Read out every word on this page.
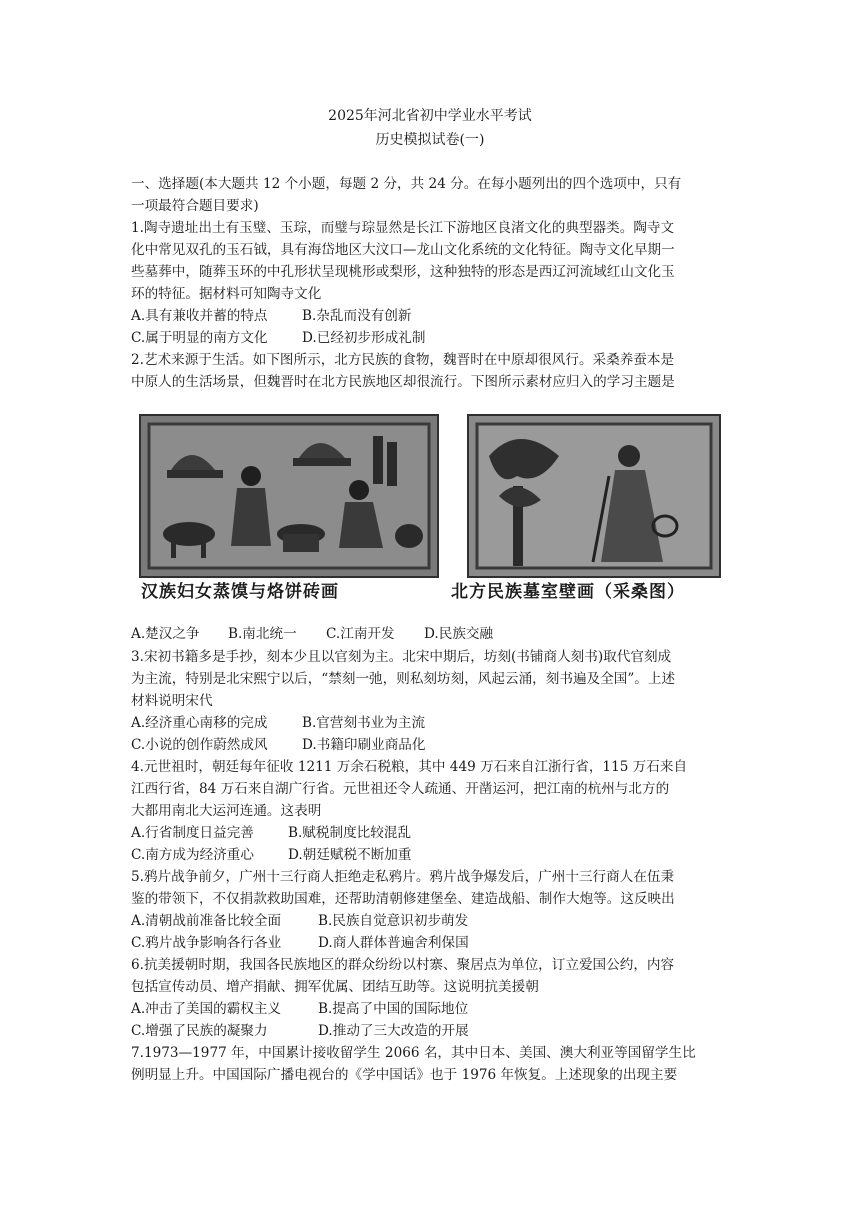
2025年河北省初中学业水平考试
历史模拟试卷(一)
一、选择题(本大题共 12 个小题，每题 2 分，共 24 分。在每小题列出的四个选项中，只有
一项最符合题目要求)
1.陶寺遗址出土有玉璧、玉琮，而璧与琮显然是长江下游地区良渚文化的典型器类。陶寺文
化中常见双孔的玉石钺，具有海岱地区大汶口—龙山文化系统的文化特征。陶寺文化早期一
些墓葬中，随葬玉环的中孔形状呈现桃形或梨形，这种独特的形态是西辽河流域红山文化玉
环的特征。据材料可知陶寺文化
A.具有兼收并蓄的特点	B.杂乱而没有创新
C.属于明显的南方文化	D.已经初步形成礼制
2.艺术来源于生活。如下图所示，北方民族的食物，魏晋时在中原却很风行。采桑养蚕本是
中原人的生活场景，但魏晋时在北方民族地区却很流行。下图所示素材应归入的学习主题是
汉族妇女蒸馍与烙饼砖画	北方民族墓室壁画（采桑图）
A.楚汉之争 B.南北统一 C.江南开发 D.民族交融
3.宋初书籍多是手抄，刻本少且以官刻为主。北宋中期后，坊刻(书铺商人刻书)取代官刻成
为主流，特别是北宋熙宁以后，“禁刻一弛，则私刻坊刻，风起云涌，刻书遍及全国”。上述
材料说明宋代
A.经济重心南移的完成	B.官营刻书业为主流
C.小说的创作蔚然成风	D.书籍印刷业商品化
4.元世祖时，朝廷每年征收 1211 万余石税粮，其中 449 万石来自江浙行省，115 万石来自
江西行省，84 万石来自湖广行省。元世祖还令人疏通、开凿运河，把江南的杭州与北方的
大都用南北大运河连通。这表明
A.行省制度日益完善	B.赋税制度比较混乱
C.南方成为经济重心	D.朝廷赋税不断加重
5.鸦片战争前夕，广州十三行商人拒绝走私鸦片。鸦片战争爆发后，广州十三行商人在伍秉
鉴的带领下，不仅捐款救助国难，还帮助清朝修建堡垒、建造战船、制作大炮等。这反映出
A.清朝战前准备比较全面	B.民族自觉意识初步萌发
C.鸦片战争影响各行各业	D.商人群体普遍舍利保国
6.抗美援朝时期，我国各民族地区的群众纷纷以村寨、聚居点为单位，订立爱国公约，内容
包括宣传动员、增产捐献、拥军优属、团结互助等。这说明抗美援朝
A.冲击了美国的霸权主义	B.提高了中国的国际地位
C.增强了民族的凝聚力	D.推动了三大改造的开展
7.1973—1977 年，中国累计接收留学生 2066 名，其中日本、美国、澳大利亚等国留学生比
例明显上升。中国国际广播电视台的《学中国话》也于 1976 年恢复。上述现象的出现主要
